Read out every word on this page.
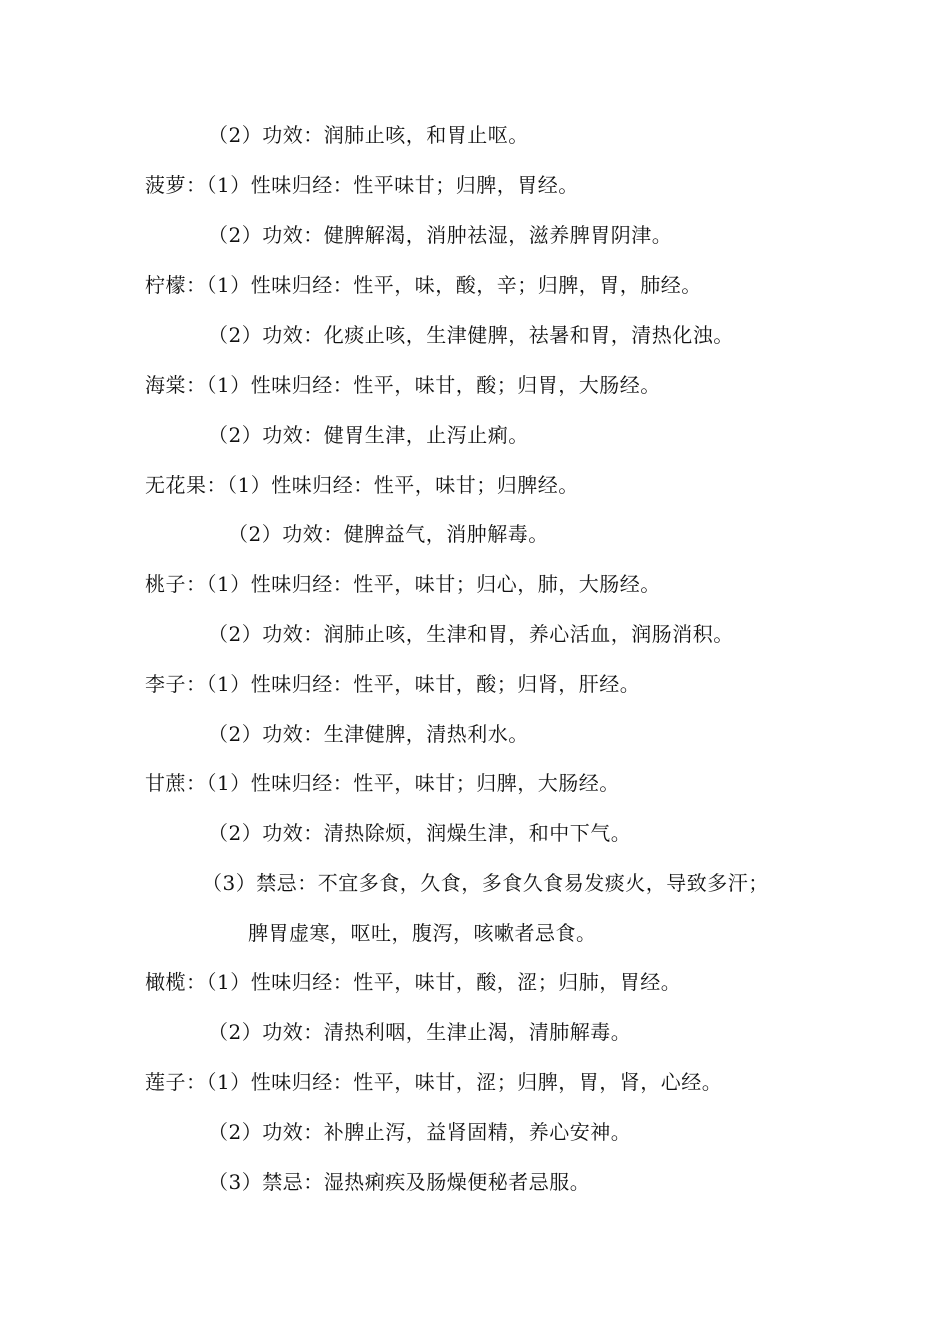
（2）功效：润肺止咳，和胃止呕。
菠萝：（1）性味归经：性平味甘；归脾，胃经。
（2）功效：健脾解渴，消肿祛湿，滋养脾胃阴津。
柠檬：（1）性味归经：性平，味，酸，辛；归脾，胃，肺经。
（2）功效：化痰止咳，生津健脾，祛暑和胃，清热化浊。
海棠：（1）性味归经：性平，味甘，酸；归胃，大肠经。
（2）功效：健胃生津，止泻止痢。
无花果：（1）性味归经：性平，味甘；归脾经。
（2）功效：健脾益气，消肿解毒。
桃子：（1）性味归经：性平，味甘；归心，肺，大肠经。
（2）功效：润肺止咳，生津和胃，养心活血，润肠消积。
李子：（1）性味归经：性平，味甘，酸；归肾，肝经。
（2）功效：生津健脾，清热利水。
甘蔗：（1）性味归经：性平，味甘；归脾，大肠经。
（2）功效：清热除烦，润燥生津，和中下气。
（3）禁忌：不宜多食，久食，多食久食易发痰火，导致多汗；
脾胃虚寒，呕吐，腹泻，咳嗽者忌食。
橄榄：（1）性味归经：性平，味甘，酸，涩；归肺，胃经。
（2）功效：清热利咽，生津止渴，清肺解毒。
莲子：（1）性味归经：性平，味甘，涩；归脾，胃，肾，心经。
（2）功效：补脾止泻，益肾固精，养心安神。
（3）禁忌：湿热痢疾及肠燥便秘者忌服。
